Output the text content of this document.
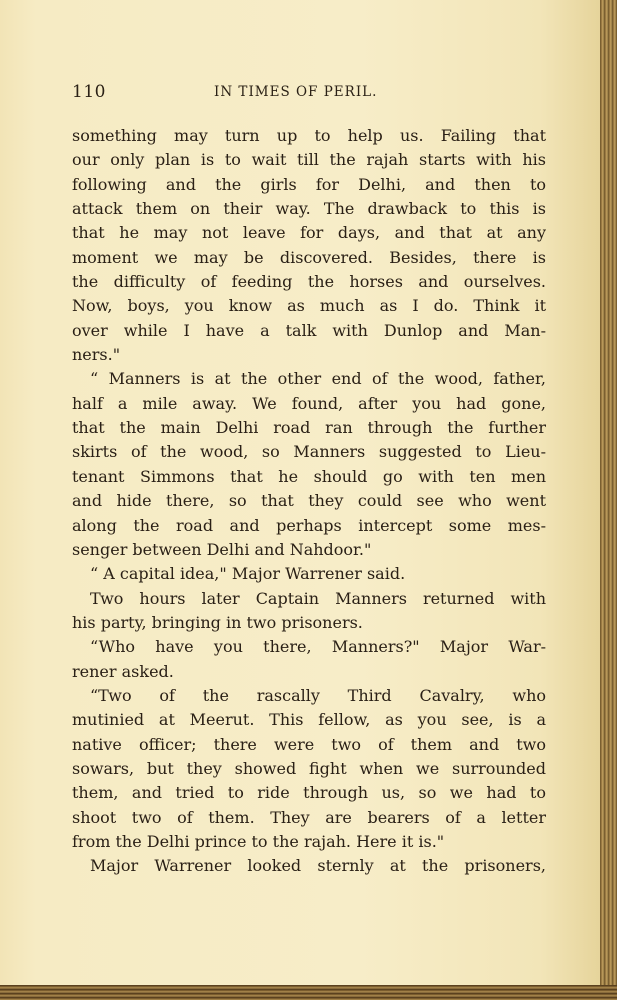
110	IN TIMES OF PERIL.
something may turn up to help us. Failing that
our only plan is to wait till the rajah starts with his
following and the girls for Delhi, and then to
attack them on their way. The drawback to this is
that he may not leave for days, and that at any
moment we may be discovered. Besides, there is
the difficulty of feeding the horses and ourselves.
Now, boys, you know as much as I do. Think it
over while I have a talk with Dunlop and Man-
ners."
“ Manners is at the other end of the wood, father,
half a mile away. We found, after you had gone,
that the main Delhi road ran through the further
skirts of the wood, so Manners suggested to Lieu-
tenant Simmons that he should go with ten men
and hide there, so that they could see who went
along the road and perhaps intercept some mes-
senger between Delhi and Nahdoor."
“ A capital idea," Major Warrener said.
Two hours later Captain Manners returned with
his party, bringing in two prisoners.
“Who have you there, Manners?" Major War-
rener asked.
“Two of the rascally Third Cavalry, who
mutinied at Meerut. This fellow, as you see, is a
native officer; there were two of them and two
sowars, but they showed fight when we surrounded
them, and tried to ride through us, so we had to
shoot two of them. They are bearers of a letter
from the Delhi prince to the rajah. Here it is."
Major Warrener looked sternly at the prisoners,
